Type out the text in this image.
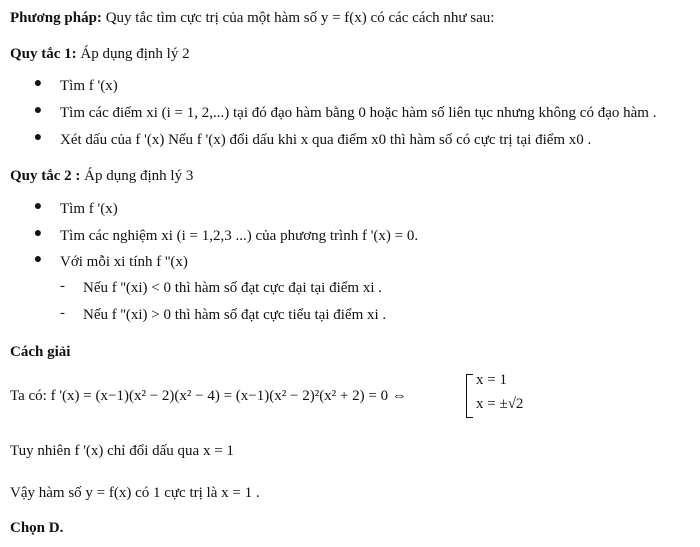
Phương pháp: Quy tắc tìm cực trị của một hàm số y = f(x) có các cách như sau:
Quy tắc 1: Áp dụng định lý 2
● Tìm f '(x)
● Tìm các điểm xi (i = 1, 2,...) tại đó đạo hàm bằng 0 hoặc hàm số liên tục nhưng không có đạo hàm .
● Xét dấu của f '(x) Nếu f '(x) đổi dấu khi x qua điểm x0 thì hàm số có cực trị tại điểm x0 .
Quy tắc 2 : Áp dụng định lý 3
● Tìm f '(x)
● Tìm các nghiệm xi (i = 1,2,3 ...) của phương trình f '(x) = 0.
● Với mỗi xi tính f ''(x)
- Nếu f ''(xi) < 0 thì hàm số đạt cực đại tại điểm xi .
- Nếu f ''(xi) > 0 thì hàm số đạt cực tiểu tại điểm xi .
Cách giải
Ta có: f '(x) = (x−1)(x² − 2)(x² − 4) = (x−1)(x² − 2)²(x² + 2) = 0 ⇔
x = 1
x = ±√2
Tuy nhiên f '(x) chỉ đổi dấu qua x = 1
Vậy hàm số y = f(x) có 1 cực trị là x = 1 .
Chọn D.
